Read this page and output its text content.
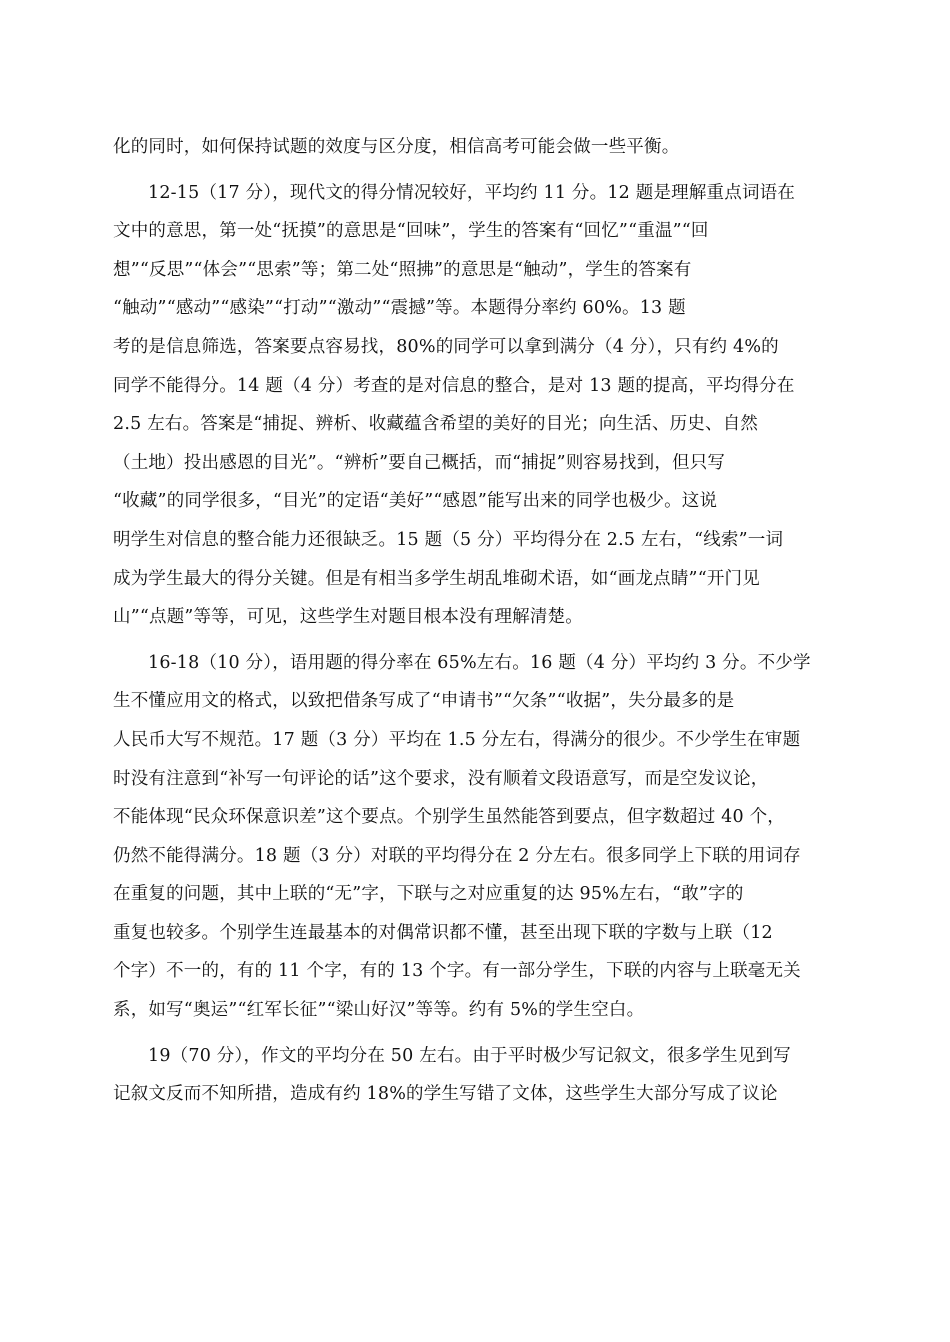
化的同时，如何保持试题的效度与区分度，相信高考可能会做一些平衡。
12-15（17 分），现代文的得分情况较好，平均约 11 分。12 题是理解重点词语在
文中的意思，第一处“抚摸”的意思是“回味”，学生的答案有“回忆”“重温”“回
想”“反思”“体会”“思索”等；第二处“照拂”的意思是“触动”，学生的答案有
“触动”“感动”“感染”“打动”“激动”“震撼”等。本题得分率约 60%。13 题
考的是信息筛选，答案要点容易找，80%的同学可以拿到满分（4 分），只有约 4%的
同学不能得分。14 题（4 分）考查的是对信息的整合，是对 13 题的提高，平均得分在
2.5 左右。答案是“捕捉、辨析、收藏蕴含希望的美好的目光；向生活、历史、自然
（土地）投出感恩的目光”。“辨析”要自己概括，而“捕捉”则容易找到，但只写
“收藏”的同学很多，“目光”的定语“美好”“感恩”能写出来的同学也极少。这说
明学生对信息的整合能力还很缺乏。15 题（5 分）平均得分在 2.5 左右，“线索”一词
成为学生最大的得分关键。但是有相当多学生胡乱堆砌术语，如“画龙点睛”“开门见
山”“点题”等等，可见，这些学生对题目根本没有理解清楚。
16-18（10 分），语用题的得分率在 65%左右。16 题（4 分）平均约 3 分。不少学
生不懂应用文的格式，以致把借条写成了“申请书”“欠条”“收据”，失分最多的是
人民币大写不规范。17 题（3 分）平均在 1.5 分左右，得满分的很少。不少学生在审题
时没有注意到“补写一句评论的话”这个要求，没有顺着文段语意写，而是空发议论，
不能体现“民众环保意识差”这个要点。个别学生虽然能答到要点，但字数超过 40 个，
仍然不能得满分。18 题（3 分）对联的平均得分在 2 分左右。很多同学上下联的用词存
在重复的问题，其中上联的“无”字，下联与之对应重复的达 95%左右，“敢”字的
重复也较多。个别学生连最基本的对偶常识都不懂，甚至出现下联的字数与上联（12
个字）不一的，有的 11 个字，有的 13 个字。有一部分学生，下联的内容与上联毫无关
系，如写“奥运”“红军长征”“梁山好汉”等等。约有 5%的学生空白。
19（70 分），作文的平均分在 50 左右。由于平时极少写记叙文，很多学生见到写
记叙文反而不知所措，造成有约 18%的学生写错了文体，这些学生大部分写成了议论
